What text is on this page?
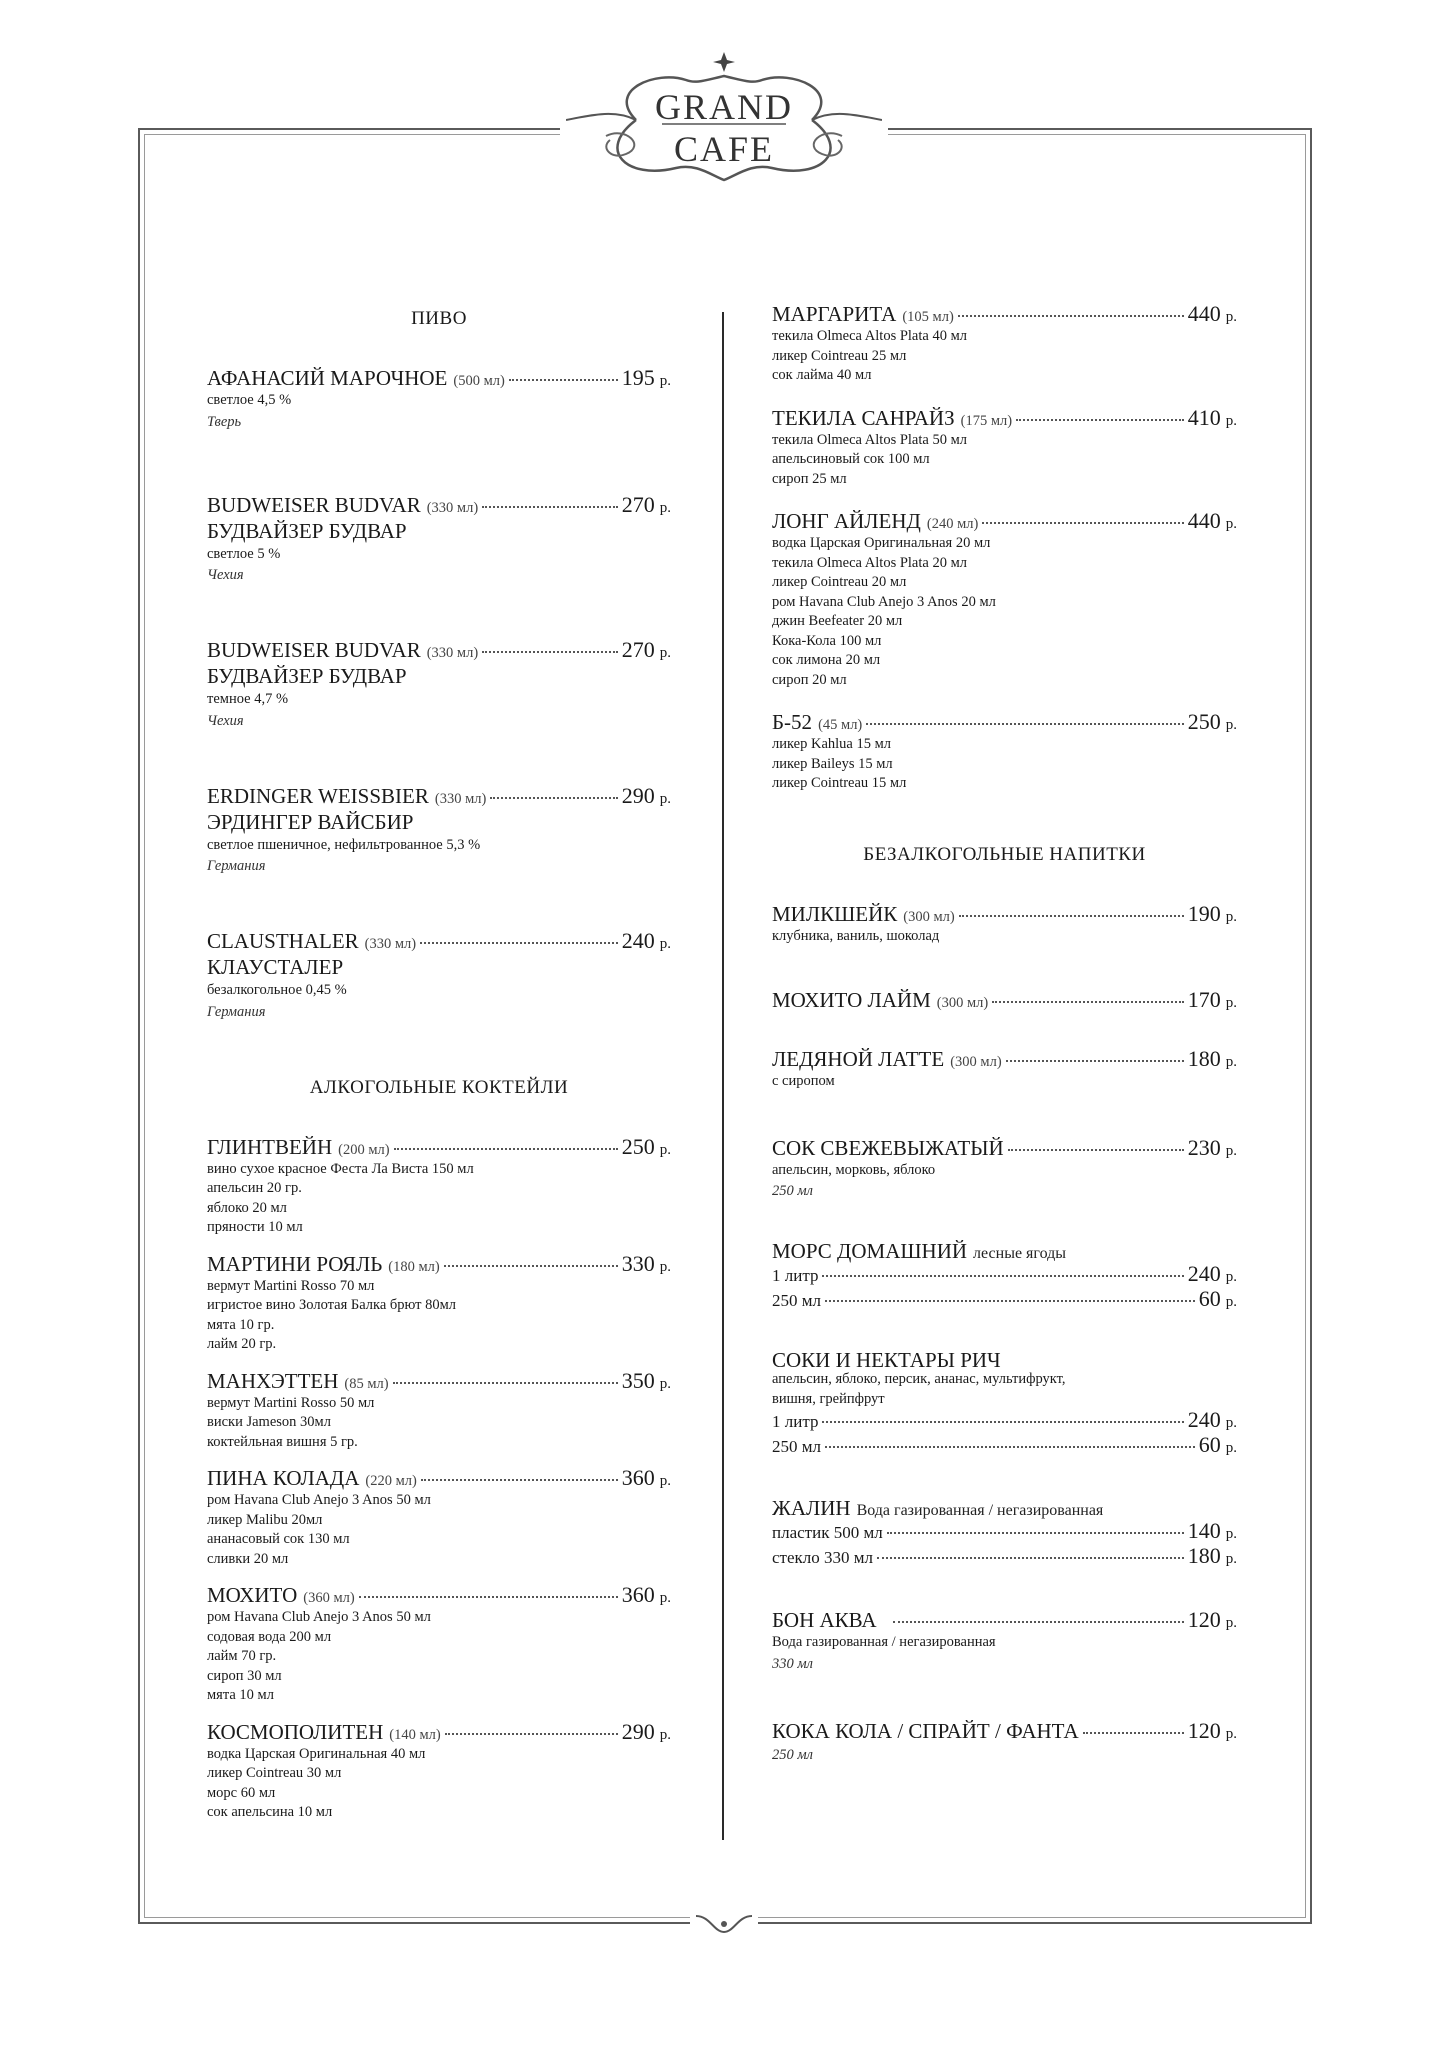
GRAND
CAFE
ПИВО
АФАНАСИЙ МАРОЧНОЕ (500 мл)	195 р.
светлое 4,5 %
Тверь
BUDWEISER BUDVAR (330 мл)	270 р.
БУДВАЙЗЕР БУДВАР
светлое 5 %
Чехия
BUDWEISER BUDVAR (330 мл)	270 р.
БУДВАЙЗЕР БУДВАР
темное 4,7 %
Чехия
ERDINGER WEISSBIER (330 мл)	290 р.
ЭРДИНГЕР ВАЙСБИР
светлое пшеничное, нефильтрованное 5,3 %
Германия
CLAUSTHALER (330 мл)	240 р.
КЛАУСТАЛЕР
безалкогольное 0,45 %
Германия
АЛКОГОЛЬНЫЕ КОКТЕЙЛИ
ГЛИНТВЕЙН (200 мл)	250 р.
вино сухое красное Феста Ла Виста 150 мл
апельсин 20 гр.
яблоко 20 мл
пряности 10 мл
МАРТИНИ РОЯЛЬ (180 мл)	330 р.
вермут Martini Rosso 70 мл
игристое вино Золотая Балка брют 80мл
мята 10 гр.
лайм 20 гр.
МАНХЭТТЕН (85 мл)	350 р.
вермут Martini Rosso 50 мл
виски Jameson 30мл
коктейльная вишня 5 гр.
ПИНА КОЛАДА (220 мл)	360 р.
ром Havana Club Anejo 3 Anos 50 мл
ликер Malibu 20мл
ананасовый сок 130 мл
сливки 20 мл
МОХИТО (360 мл)	360 р.
ром Havana Club Anejo 3 Anos 50 мл
содовая вода 200 мл
лайм 70 гр.
сироп 30 мл
мята 10 мл
КОСМОПОЛИТЕН (140 мл)	290 р.
водка Царская Оригинальная 40 мл
ликер Cointreau 30 мл
морс 60 мл
сок апельсина 10 мл
МАРГАРИТА (105 мл)	440 р.
текила Olmeca Altos Plata 40 мл
ликер Cointreau 25 мл
сок лайма 40 мл
ТЕКИЛА САНРАЙЗ (175 мл)	410 р.
текила Olmeca Altos Plata 50 мл
апельсиновый сок 100 мл
сироп 25 мл
ЛОНГ АЙЛЕНД (240 мл)	440 р.
водка Царская Оригинальная 20 мл
текила Olmeca Altos Plata 20 мл
ликер Cointreau 20 мл
ром Havana Club Anejo 3 Anos 20 мл
джин Beefeater 20 мл
Кока-Кола 100 мл
сок лимона 20 мл
сироп 20 мл
Б-52 (45 мл)	250 р.
ликер Kahlua 15 мл
ликер Baileys 15 мл
ликер Cointreau 15 мл
БЕЗАЛКОГОЛЬНЫЕ НАПИТКИ
МИЛКШЕЙК (300 мл)	190 р.
клубника, ваниль, шоколад
МОХИТО ЛАЙМ (300 мл)	170 р.
ЛЕДЯНОЙ ЛАТТЕ (300 мл)	180 р.
с сиропом
СОК СВЕЖЕВЫЖАТЫЙ	230 р.
апельсин, морковь, яблоко
250 мл
МОРС ДОМАШНИЙ лесные ягоды
1 литр	240 р.
250 мл	60 р.
СОКИ И НЕКТАРЫ РИЧ
апельсин, яблоко, персик, ананас, мультифрукт,
вишня, грейпфрут
1 литр	240 р.
250 мл	60 р.
ЖАЛИН Вода газированная / негазированная
пластик 500 мл	140 р.
стекло 330 мл	180 р.
БОН АКВА	120 р.
Вода газированная / негазированная
330 мл
КОКА КОЛА / СПРАЙТ / ФАНТА	120 р.
250 мл
